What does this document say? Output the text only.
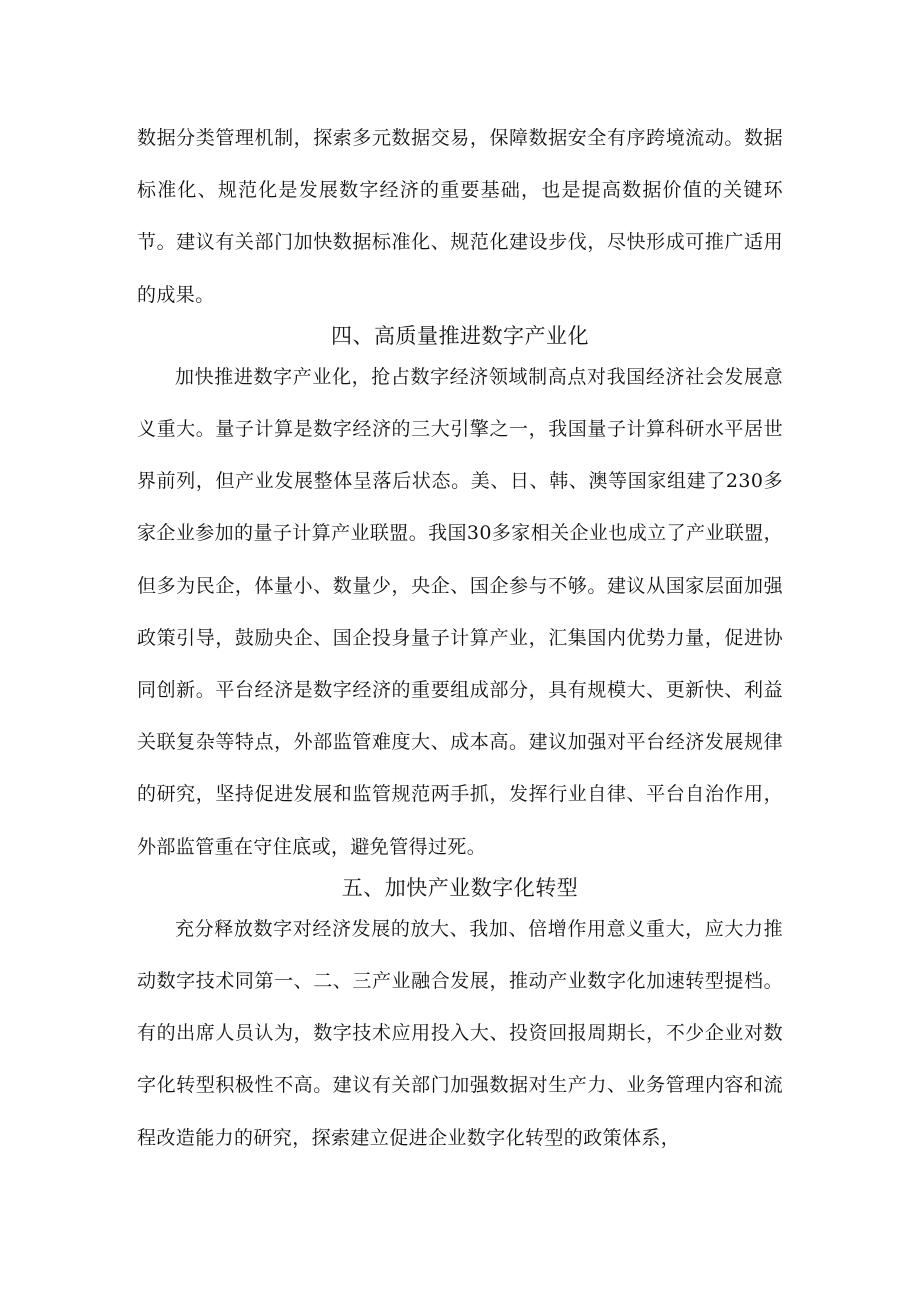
数据分类管理机制，探索多元数据交易，保障数据安全有序跨境流动。数据标准化、规范化是发展数字经济的重要基础，也是提高数据价值的关键环节。建议有关部门加快数据标准化、规范化建设步伐，尽快形成可推广适用的成果。

四、高质量推进数字产业化

加快推进数字产业化，抢占数字经济领域制高点对我国经济社会发展意义重大。量子计算是数字经济的三大引擎之一，我国量子计算科研水平居世界前列，但产业发展整体呈落后状态。美、日、韩、澳等国家组建了230多家企业参加的量子计算产业联盟。我国30多家相关企业也成立了产业联盟，但多为民企，体量小、数量少，央企、国企参与不够。建议从国家层面加强政策引导，鼓励央企、国企投身量子计算产业，汇集国内优势力量，促进协同创新。平台经济是数字经济的重要组成部分，具有规模大、更新快、利益关联复杂等特点，外部监管难度大、成本高。建议加强对平台经济发展规律的研究，坚持促进发展和监管规范两手抓，发挥行业自律、平台自治作用，外部监管重在守住底或，避免管得过死。

五、加快产业数字化转型

充分释放数字对经济发展的放大、我加、倍增作用意义重大，应大力推动数字技术同第一、二、三产业融合发展，推动产业数字化加速转型提档。有的出席人员认为，数字技术应用投入大、投资回报周期长，不少企业对数字化转型积极性不高。建议有关部门加强数据对生产力、业务管理内容和流程改造能力的研究，探索建立促进企业数字化转型的政策体系，
